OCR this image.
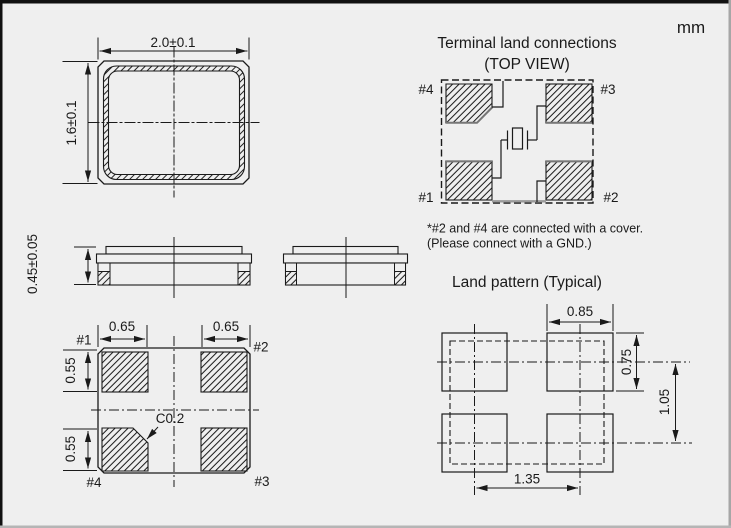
mm
2.0±0.1
1.6±0.1
Terminal land connections
(TOP VIEW)
#4	#3
#1	#2
*#2 and #4 are connected with a cover.
(Please connect with a GND.)
0.45±0.05
0.65	0.65
0.55
0.55
C0.2
#1	#2
#4	#3
Land pattern (Typical)
0.85
0.75
1.05
1.35
